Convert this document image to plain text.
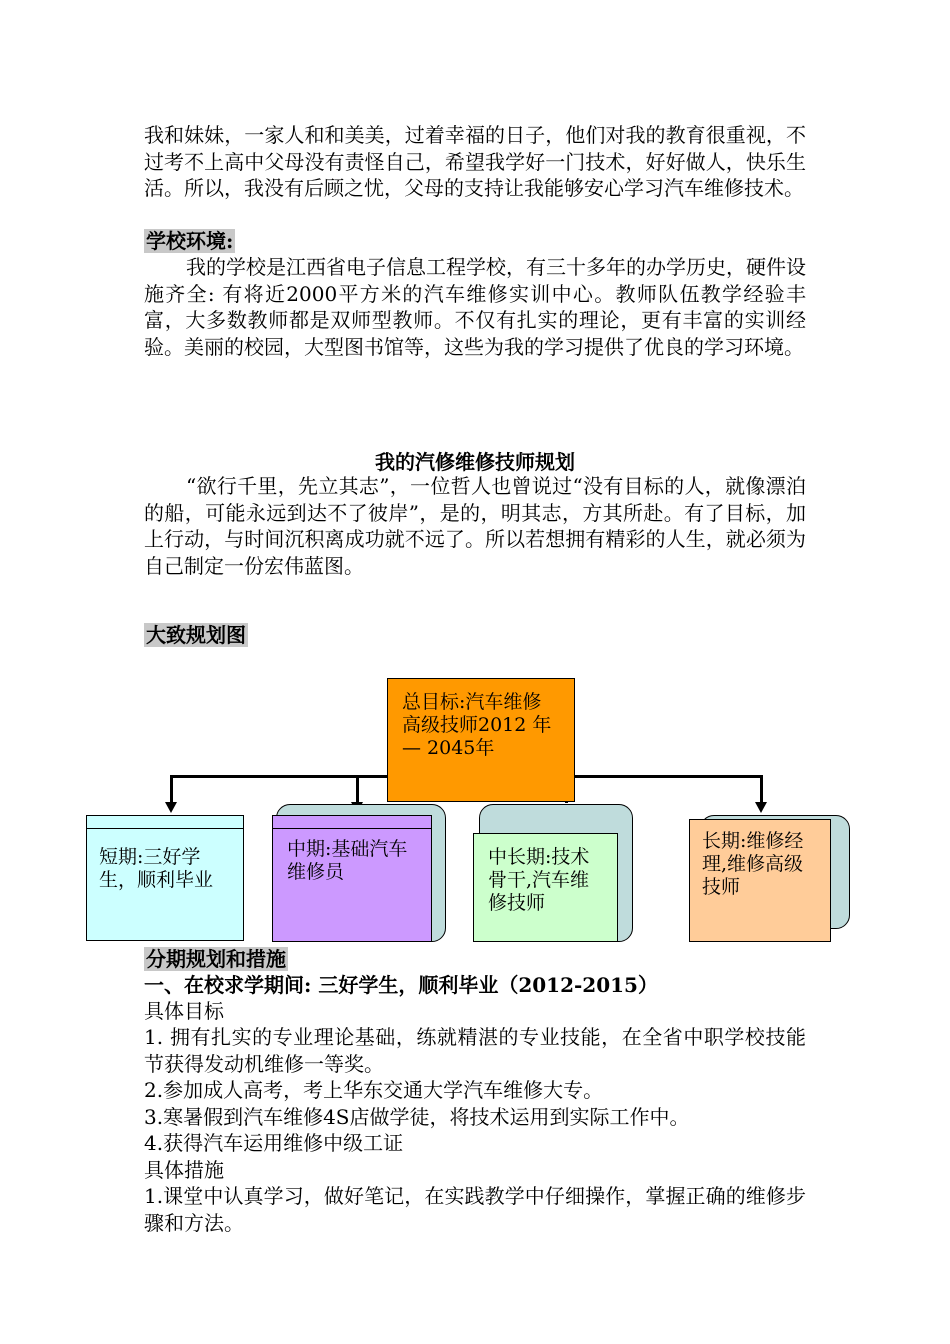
我和妹妹，一家人和和美美，过着幸福的日子，他们对我的教育很重视，不过考不上高中父母没有责怪自己，希望我学好一门技术，好好做人，快乐生活。所以，我没有后顾之忧，父母的支持让我能够安心学习汽车维修技术。

学校环境:

我的学校是江西省电子信息工程学校，有三十多年的办学历史，硬件设施齐全: 有将近2000平方米的汽车维修实训中心。教师队伍教学经验丰富，大多数教师都是双师型教师。不仅有扎实的理论，更有丰富的实训经验。美丽的校园，大型图书馆等，这些为我的学习提供了优良的学习环境。

我的汽修维修技师规划

“欲行千里，先立其志”，一位哲人也曾说过“没有目标的人，就像漂泊的船，可能永远到达不了彼岸”，是的，明其志，方其所赴。有了目标，加上行动，与时间沉积离成功就不远了。所以若想拥有精彩的人生，就必须为自己制定一份宏伟蓝图。

大致规划图
总目标:汽车维修高级技师2012 年 — 2045年
短期:三好学生，顺利毕业
中期:基础汽车维修员
中长期:技术骨干,汽车维修技师
长期:维修经理,维修高级技师
分期规划和措施
一、在校求学期间: 三好学生，顺利毕业（2012-2015）
具体目标
1. 拥有扎实的专业理论基础，练就精湛的专业技能，在全省中职学校技能节获得发动机维修一等奖。
2.参加成人高考，考上华东交通大学汽车维修大专。
3.寒暑假到汽车维修4S店做学徒，将技术运用到实际工作中。
4.获得汽车运用维修中级工证
具体措施
1.课堂中认真学习，做好笔记，在实践教学中仔细操作，掌握正确的维修步骤和方法。
